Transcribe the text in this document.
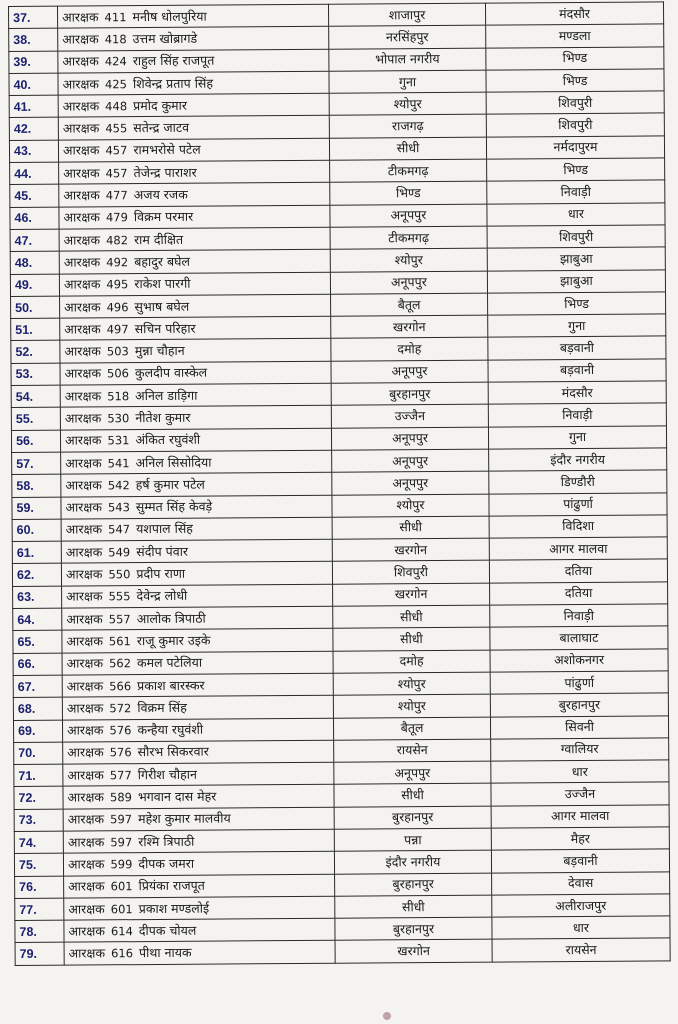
37.	आरक्षक 411 मनीष धोलपुरिया	शाजापुर	मंदसौर
38.	आरक्षक 418 उत्तम खोब्रागडे	नरसिंहपुर	मण्डला
39.	आरक्षक 424 राहुल सिंह राजपूत	भोपाल नगरीय	भिण्ड
40.	आरक्षक 425 शिवेन्द्र प्रताप सिंह	गुना	भिण्ड
41.	आरक्षक 448 प्रमोद कुमार	श्योपुर	शिवपुरी
42.	आरक्षक 455 सतेन्द्र जाटव	राजगढ़	शिवपुरी
43.	आरक्षक 457 रामभरोसे पटेल	सीधी	नर्मदापुरम
44.	आरक्षक 457 तेजेन्द्र पाराशर	टीकमगढ़	भिण्ड
45.	आरक्षक 477 अजय रजक	भिण्ड	निवाड़ी
46.	आरक्षक 479 विक्रम परमार	अनूपपुर	धार
47.	आरक्षक 482 राम दीक्षित	टीकमगढ़	शिवपुरी
48.	आरक्षक 492 बहादुर बघेल	श्योपुर	झाबुआ
49.	आरक्षक 495 राकेश पारगी	अनूपपुर	झाबुआ
50.	आरक्षक 496 सुभाष बघेल	बैतूल	भिण्ड
51.	आरक्षक 497 सचिन परिहार	खरगोन	गुना
52.	आरक्षक 503 मुन्ना चौहान	दमोह	बड़वानी
53.	आरक्षक 506 कुलदीप वास्केल	अनूपपुर	बड़वानी
54.	आरक्षक 518 अनिल डाड़िगा	बुरहानपुर	मंदसौर
55.	आरक्षक 530 नीतेश कुमार	उज्जैन	निवाड़ी
56.	आरक्षक 531 अंकित रघुवंशी	अनूपपुर	गुना
57.	आरक्षक 541 अनिल सिसोदिया	अनूपपुर	इंदौर नगरीय
58.	आरक्षक 542 हर्ष कुमार पटेल	अनूपपुर	डिण्डौरी
59.	आरक्षक 543 सुम्मत सिंह केवड़े	श्योपुर	पांढुर्णा
60.	आरक्षक 547 यशपाल सिंह	सीधी	विदिशा
61.	आरक्षक 549 संदीप पंवार	खरगोन	आगर मालवा
62.	आरक्षक 550 प्रदीप राणा	शिवपुरी	दतिया
63.	आरक्षक 555 देवेन्द्र लोधी	खरगोन	दतिया
64.	आरक्षक 557 आलोक त्रिपाठी	सीधी	निवाड़ी
65.	आरक्षक 561 राजू कुमार उइके	सीधी	बालाघाट
66.	आरक्षक 562 कमल पटेलिया	दमोह	अशोकनगर
67.	आरक्षक 566 प्रकाश बारस्कर	श्योपुर	पांढुर्णा
68.	आरक्षक 572 विक्रम सिंह	श्योपुर	बुरहानपुर
69.	आरक्षक 576 कन्हैया रघुवंशी	बैतूल	सिवनी
70.	आरक्षक 576 सौरभ सिकरवार	रायसेन	ग्वालियर
71.	आरक्षक 577 गिरीश चौहान	अनूपपुर	धार
72.	आरक्षक 589 भगवान दास मेहर	सीधी	उज्जैन
73.	आरक्षक 597 महेश कुमार मालवीय	बुरहानपुर	आगर मालवा
74.	आरक्षक 597 रश्मि त्रिपाठी	पन्ना	मैहर
75.	आरक्षक 599 दीपक जमरा	इंदौर नगरीय	बड़वानी
76.	आरक्षक 601 प्रियंका राजपूत	बुरहानपुर	देवास
77.	आरक्षक 601 प्रकाश मण्डलोई	सीधी	अलीराजपुर
78.	आरक्षक 614 दीपक चोयल	बुरहानपुर	धार
79.	आरक्षक 616 पीथा नायक	खरगोन	रायसेन
